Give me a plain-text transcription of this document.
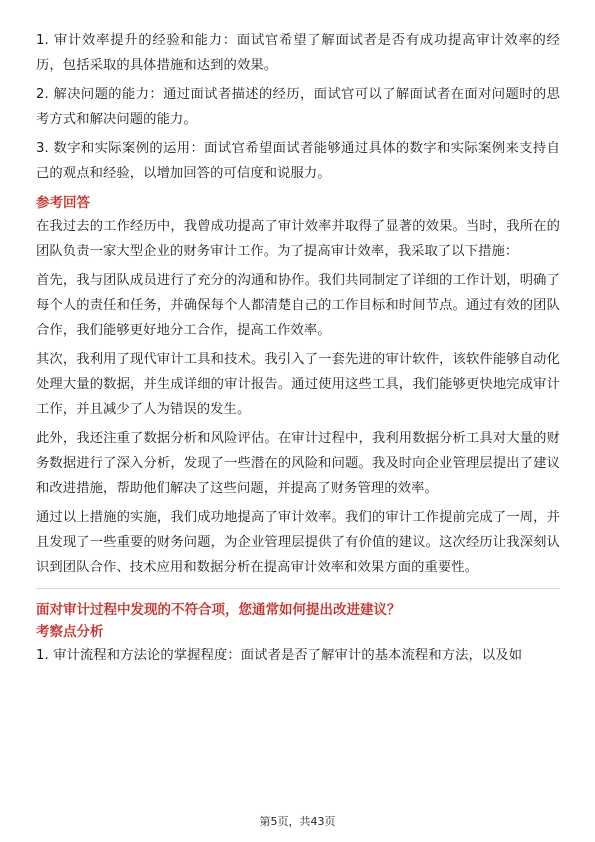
1. 审计效率提升的经验和能力：面试官希望了解面试者是否有成功提高审计效率的经历，包括采取的具体措施和达到的效果。

2. 解决问题的能力：通过面试者描述的经历，面试官可以了解面试者在面对问题时的思考方式和解决问题的能力。

3. 数字和实际案例的运用：面试官希望面试者能够通过具体的数字和实际案例来支持自己的观点和经验，以增加回答的可信度和说服力。

参考回答

在我过去的工作经历中，我曾成功提高了审计效率并取得了显著的效果。当时，我所在的团队负责一家大型企业的财务审计工作。为了提高审计效率，我采取了以下措施：

首先，我与团队成员进行了充分的沟通和协作。我们共同制定了详细的工作计划，明确了每个人的责任和任务，并确保每个人都清楚自己的工作目标和时间节点。通过有效的团队合作，我们能够更好地分工合作，提高工作效率。

其次，我利用了现代审计工具和技术。我引入了一套先进的审计软件，该软件能够自动化处理大量的数据，并生成详细的审计报告。通过使用这些工具，我们能够更快地完成审计工作，并且减少了人为错误的发生。

此外，我还注重了数据分析和风险评估。在审计过程中，我利用数据分析工具对大量的财务数据进行了深入分析，发现了一些潜在的风险和问题。我及时向企业管理层提出了建议和改进措施，帮助他们解决了这些问题，并提高了财务管理的效率。

通过以上措施的实施，我们成功地提高了审计效率。我们的审计工作提前完成了一周，并且发现了一些重要的财务问题，为企业管理层提供了有价值的建议。这次经历让我深刻认识到团队合作、技术应用和数据分析在提高审计效率和效果方面的重要性。

面对审计过程中发现的不符合项，您通常如何提出改进建议？
考察点分析

1. 审计流程和方法论的掌握程度：面试者是否了解审计的基本流程和方法，以及如

第5页，共43页
